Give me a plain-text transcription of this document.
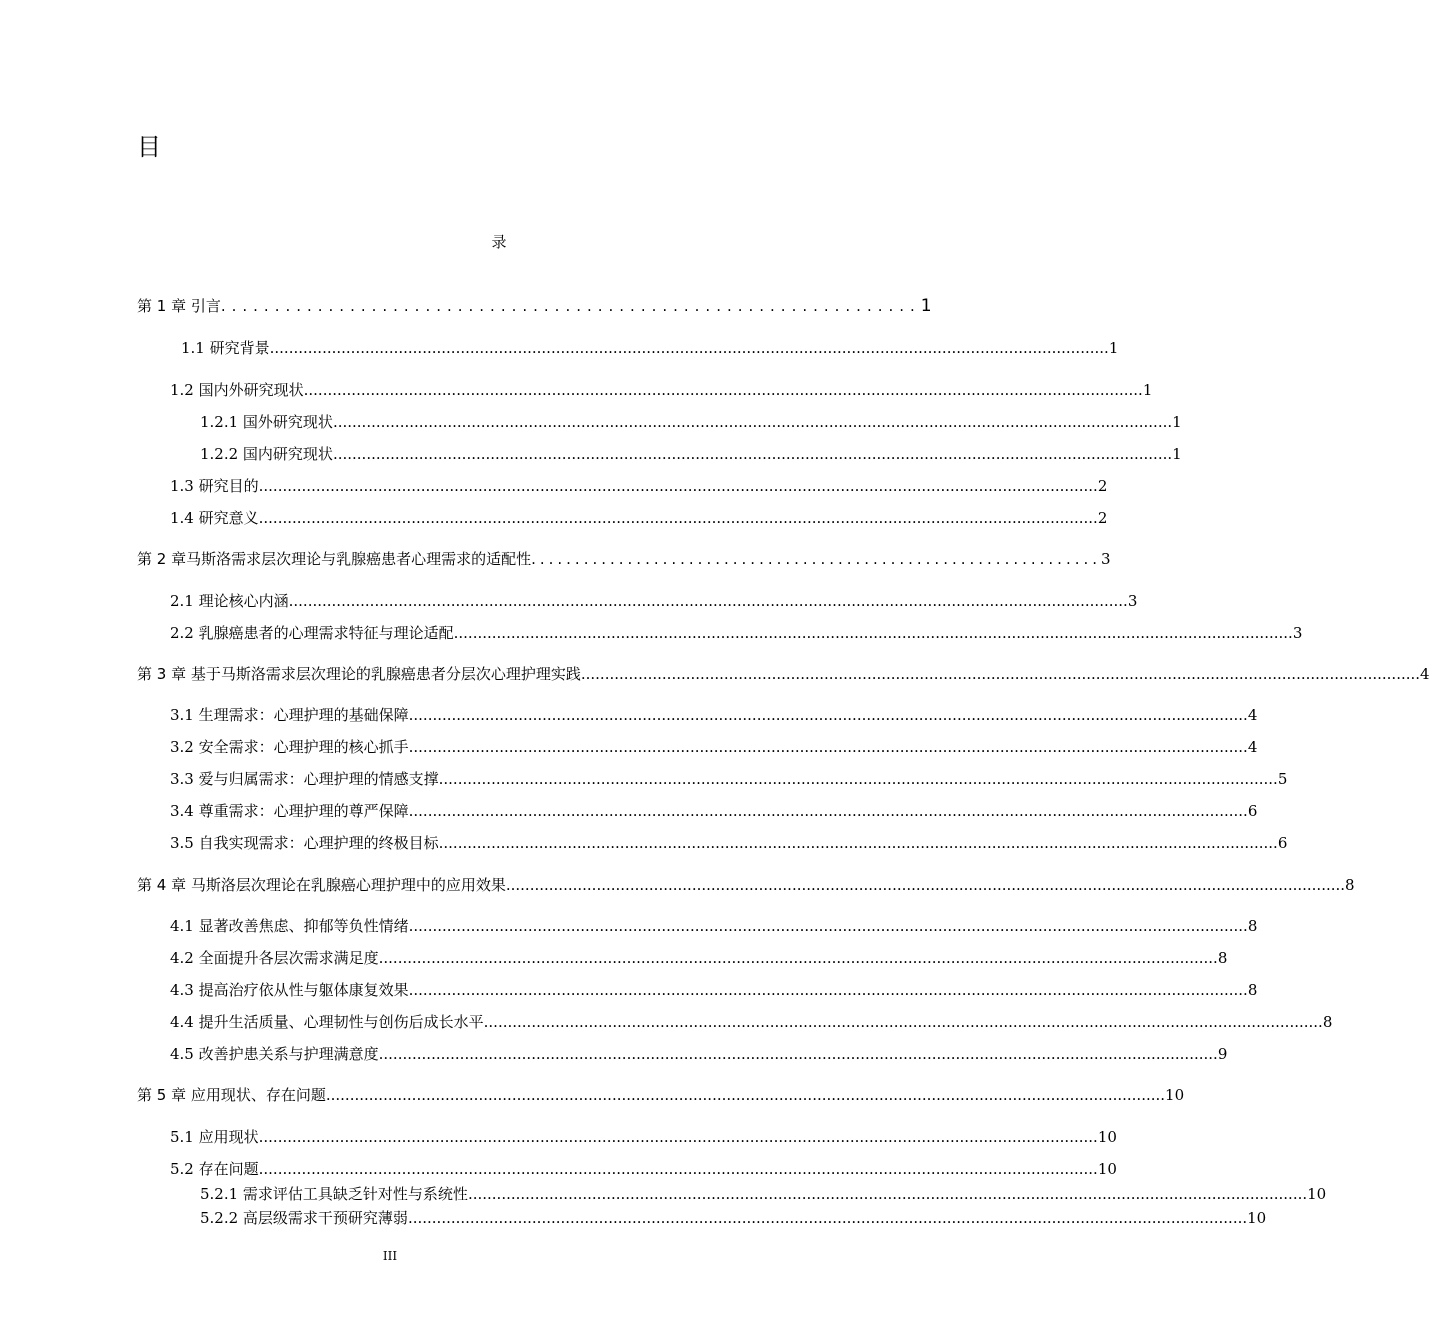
目
录
第 1 章 引言 ................................................................. 1
1.1 研究背景 ................................................................................................................................................................................ 1
1.2 国内外研究现状 ................................................................................................................................................................................ 1
1.2.1 国外研究现状 ................................................................................................................................................................................ 1
1.2.2 国内研究现状 ................................................................................................................................................................................ 1
1.3 研究目的 ................................................................................................................................................................................ 2
1.4 研究意义 ................................................................................................................................................................................ 2
第 2 章马斯洛需求层次理论与乳腺癌患者心理需求的适配性 ................................................................. 3
2.1 理论核心内涵 ................................................................................................................................................................................ 3
2.2 乳腺癌患者的心理需求特征与理论适配 ................................................................................................................................................................................ 3
第 3 章 基于马斯洛需求层次理论的乳腺癌患者分层次心理护理实践 ................................................................................................................................................................................ 4
3.1 生理需求：心理护理的基础保障 ................................................................................................................................................................................ 4
3.2 安全需求：心理护理的核心抓手 ................................................................................................................................................................................ 4
3.3 爱与归属需求：心理护理的情感支撑 ................................................................................................................................................................................ 5
3.4 尊重需求：心理护理的尊严保障 ................................................................................................................................................................................ 6
3.5 自我实现需求：心理护理的终极目标 ................................................................................................................................................................................ 6
第 4 章 马斯洛层次理论在乳腺癌心理护理中的应用效果 ................................................................................................................................................................................ 8
4.1 显著改善焦虑、抑郁等负性情绪 ................................................................................................................................................................................ 8
4.2 全面提升各层次需求满足度 ................................................................................................................................................................................ 8
4.3 提高治疗依从性与躯体康复效果 ................................................................................................................................................................................ 8
4.4 提升生活质量、心理韧性与创伤后成长水平 ................................................................................................................................................................................ 8
4.5 改善护患关系与护理满意度 ................................................................................................................................................................................ 9
第 5 章 应用现状、存在问题 ................................................................................................................................................................................ 10
5.1 应用现状 ................................................................................................................................................................................ 10
5.2 存在问题 ................................................................................................................................................................................ 10
5.2.1 需求评估工具缺乏针对性与系统性 ................................................................................................................................................................................ 10
5.2.2 高层级需求干预研究薄弱 ................................................................................................................................................................................ 10
III
